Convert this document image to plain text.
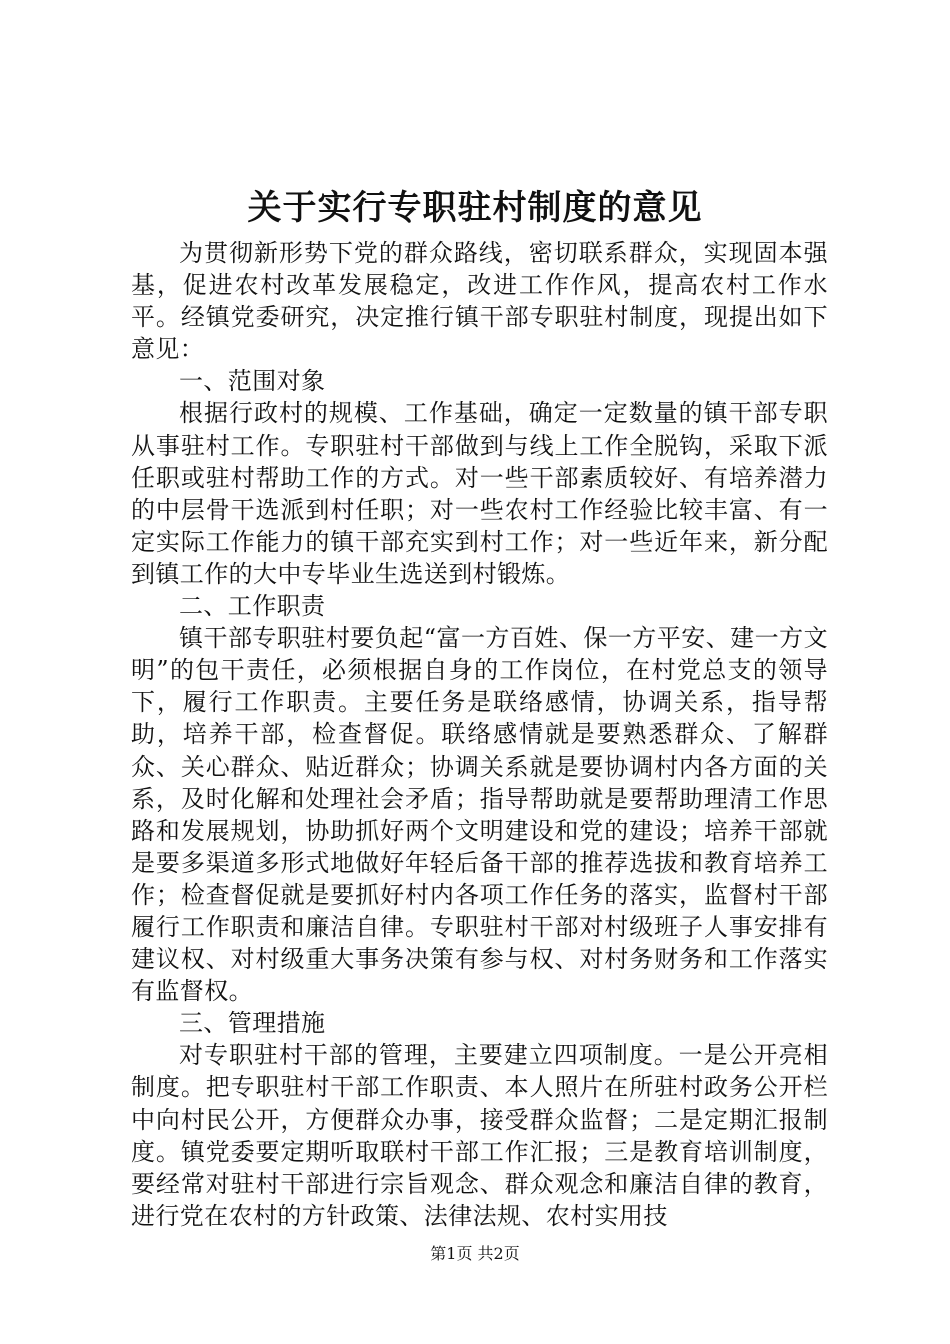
关于实行专职驻村制度的意见

为贯彻新形势下党的群众路线，密切联系群众，实现固本强基，促进农村改革发展稳定，改进工作作风，提高农村工作水平。经镇党委研究，决定推行镇干部专职驻村制度，现提出如下意见：

一、范围对象

根据行政村的规模、工作基础，确定一定数量的镇干部专职从事驻村工作。专职驻村干部做到与线上工作全脱钩，采取下派任职或驻村帮助工作的方式。对一些干部素质较好、有培养潜力的中层骨干选派到村任职；对一些农村工作经验比较丰富、有一定实际工作能力的镇干部充实到村工作；对一些近年来，新分配到镇工作的大中专毕业生选送到村锻炼。

二、工作职责

镇干部专职驻村要负起“富一方百姓、保一方平安、建一方文明”的包干责任，必须根据自身的工作岗位，在村党总支的领导下，履行工作职责。主要任务是联络感情，协调关系，指导帮助，培养干部，检查督促。联络感情就是要熟悉群众、了解群众、关心群众、贴近群众；协调关系就是要协调村内各方面的关系，及时化解和处理社会矛盾；指导帮助就是要帮助理清工作思路和发展规划，协助抓好两个文明建设和党的建设；培养干部就是要多渠道多形式地做好年轻后备干部的推荐选拔和教育培养工作；检查督促就是要抓好村内各项工作任务的落实，监督村干部履行工作职责和廉洁自律。专职驻村干部对村级班子人事安排有建议权、对村级重大事务决策有参与权、对村务财务和工作落实有监督权。

三、管理措施

对专职驻村干部的管理，主要建立四项制度。一是公开亮相制度。把专职驻村干部工作职责、本人照片在所驻村政务公开栏中向村民公开，方便群众办事，接受群众监督；二是定期汇报制度。镇党委要定期听取联村干部工作汇报；三是教育培训制度，要经常对驻村干部进行宗旨观念、群众观念和廉洁自律的教育，进行党在农村的方针政策、法律法规、农村实用技

第1页 共2页
